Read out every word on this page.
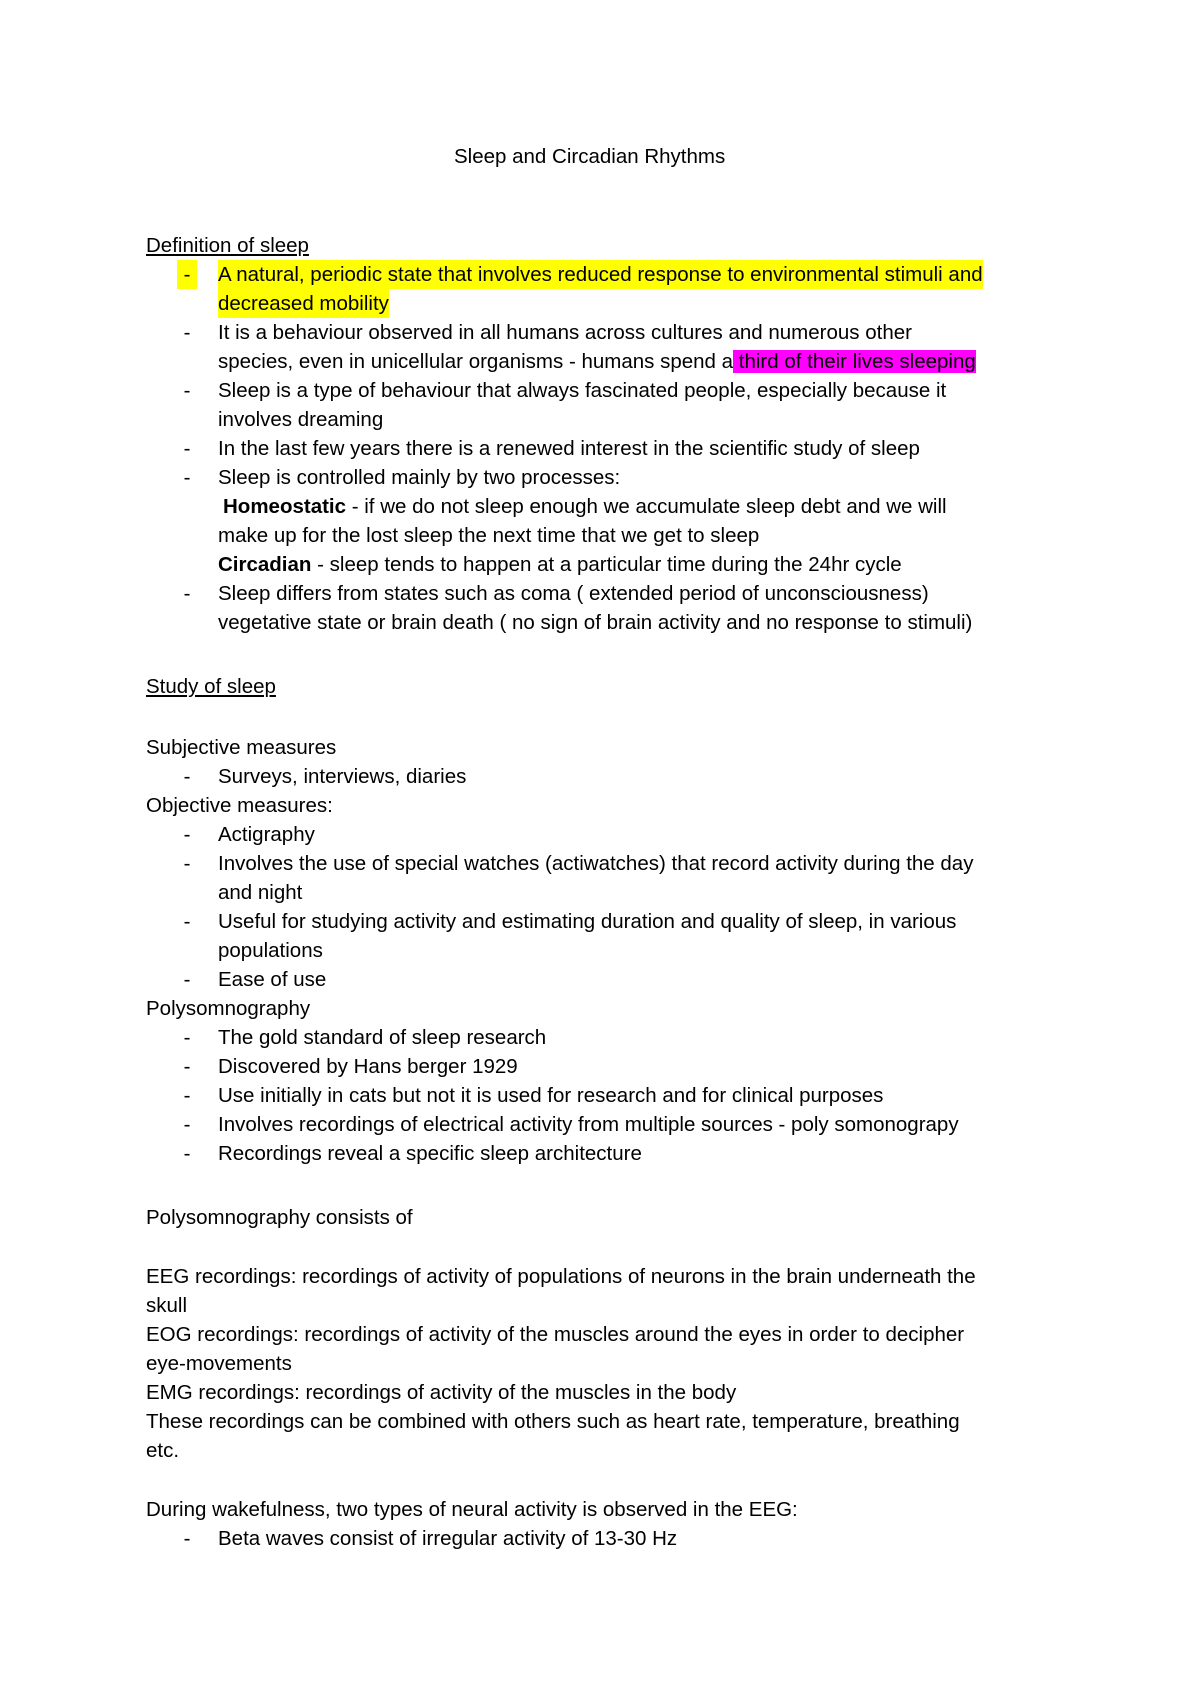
Sleep and Circadian Rhythms
Definition of sleep
-	A natural, periodic state that involves reduced response to environmental stimuli and
decreased mobility
-	It is a behaviour observed in all humans across cultures and numerous other
species, even in unicellular organisms - humans spend a third of their lives sleeping
-	Sleep is a type of behaviour that always fascinated people, especially because it
involves dreaming
-	In the last few years there is a renewed interest in the scientific study of sleep
-	Sleep is controlled mainly by two processes:
Homeostatic - if we do not sleep enough we accumulate sleep debt and we will
make up for the lost sleep the next time that we get to sleep
Circadian - sleep tends to happen at a particular time during the 24hr cycle
-	Sleep differs from states such as coma ( extended period of unconsciousness)
vegetative state or brain death ( no sign of brain activity and no response to stimuli)
Study of sleep
Subjective measures
-	Surveys, interviews, diaries
Objective measures:
-	Actigraphy
-	Involves the use of special watches (actiwatches) that record activity during the day
and night
-	Useful for studying activity and estimating duration and quality of sleep, in various
populations
-	Ease of use
Polysomnography
-	The gold standard of sleep research
-	Discovered by Hans berger 1929
-	Use initially in cats but not it is used for research and for clinical purposes
-	Involves recordings of electrical activity from multiple sources - poly somonograpy
-	Recordings reveal a specific sleep architecture
Polysomnography consists of
EEG recordings: recordings of activity of populations of neurons in the brain underneath the
skull
EOG recordings: recordings of activity of the muscles around the eyes in order to decipher
eye-movements
EMG recordings: recordings of activity of the muscles in the body
These recordings can be combined with others such as heart rate, temperature, breathing
etc.
During wakefulness, two types of neural activity is observed in the EEG:
-	Beta waves consist of irregular activity of 13-30 Hz
